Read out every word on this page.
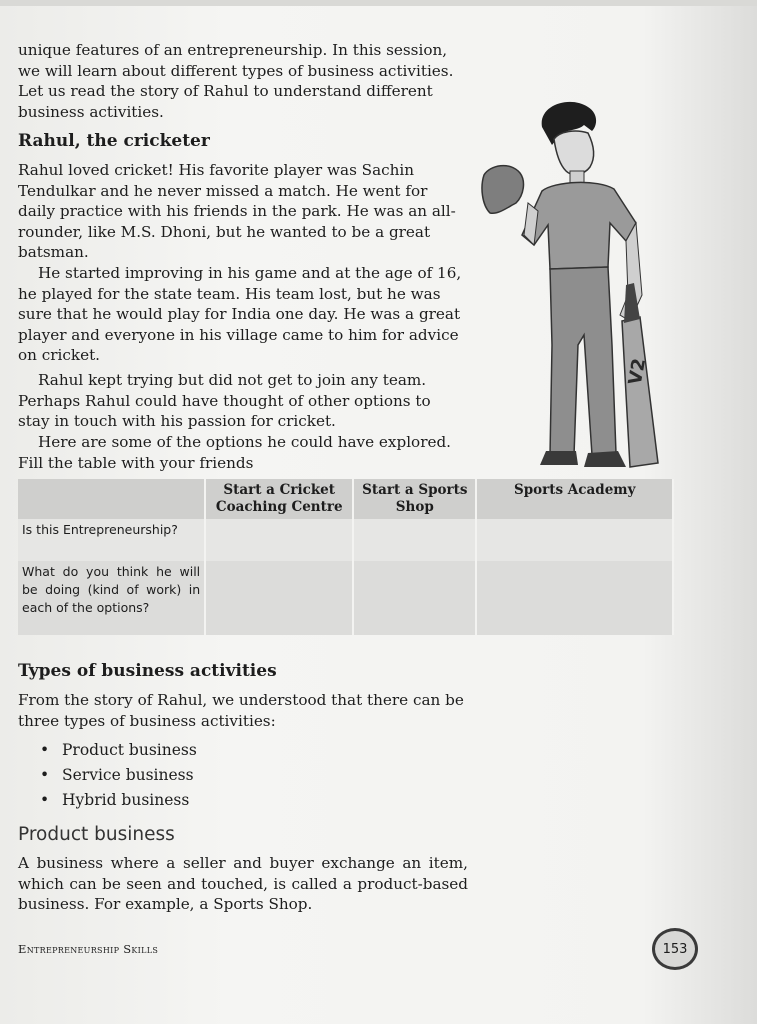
unique features of an entrepreneurship. In this session, we will learn about different types of business activities. Let us read the story of Rahul to understand different business activities.

Rahul, the cricketer

Rahul loved cricket! His favorite player was Sachin Tendulkar and he never missed a match. He went for daily practice with his friends in the park. He was an all-rounder, like M.S. Dhoni, but he wanted to be a great batsman.

He started improving in his game and at the age of 16, he played for the state team. His team lost, but he was sure that he would play for India one day. He was a great player and everyone in his village came to him for advice on cricket.

Rahul kept trying but did not get to join any team. Perhaps Rahul could have thought of other options to stay in touch with his passion for cricket.

Here are some of the options he could have explored. Fill the table with your friends

V2
	Start a Cricket Coaching Centre	Start a Sports Shop	Sports Academy
Is this Entrepreneurship?			
What do you think he will be doing (kind of work) in each of the options?			
Types of business activities

From the story of Rahul, we understood that there can be three types of business activities:

• Product business
• Service business
• Hybrid business
Product business

A business where a seller and buyer exchange an item, which can be seen and touched, is called a product-based business. For example, a Sports Shop.

Entrepreneurship Skills	153
